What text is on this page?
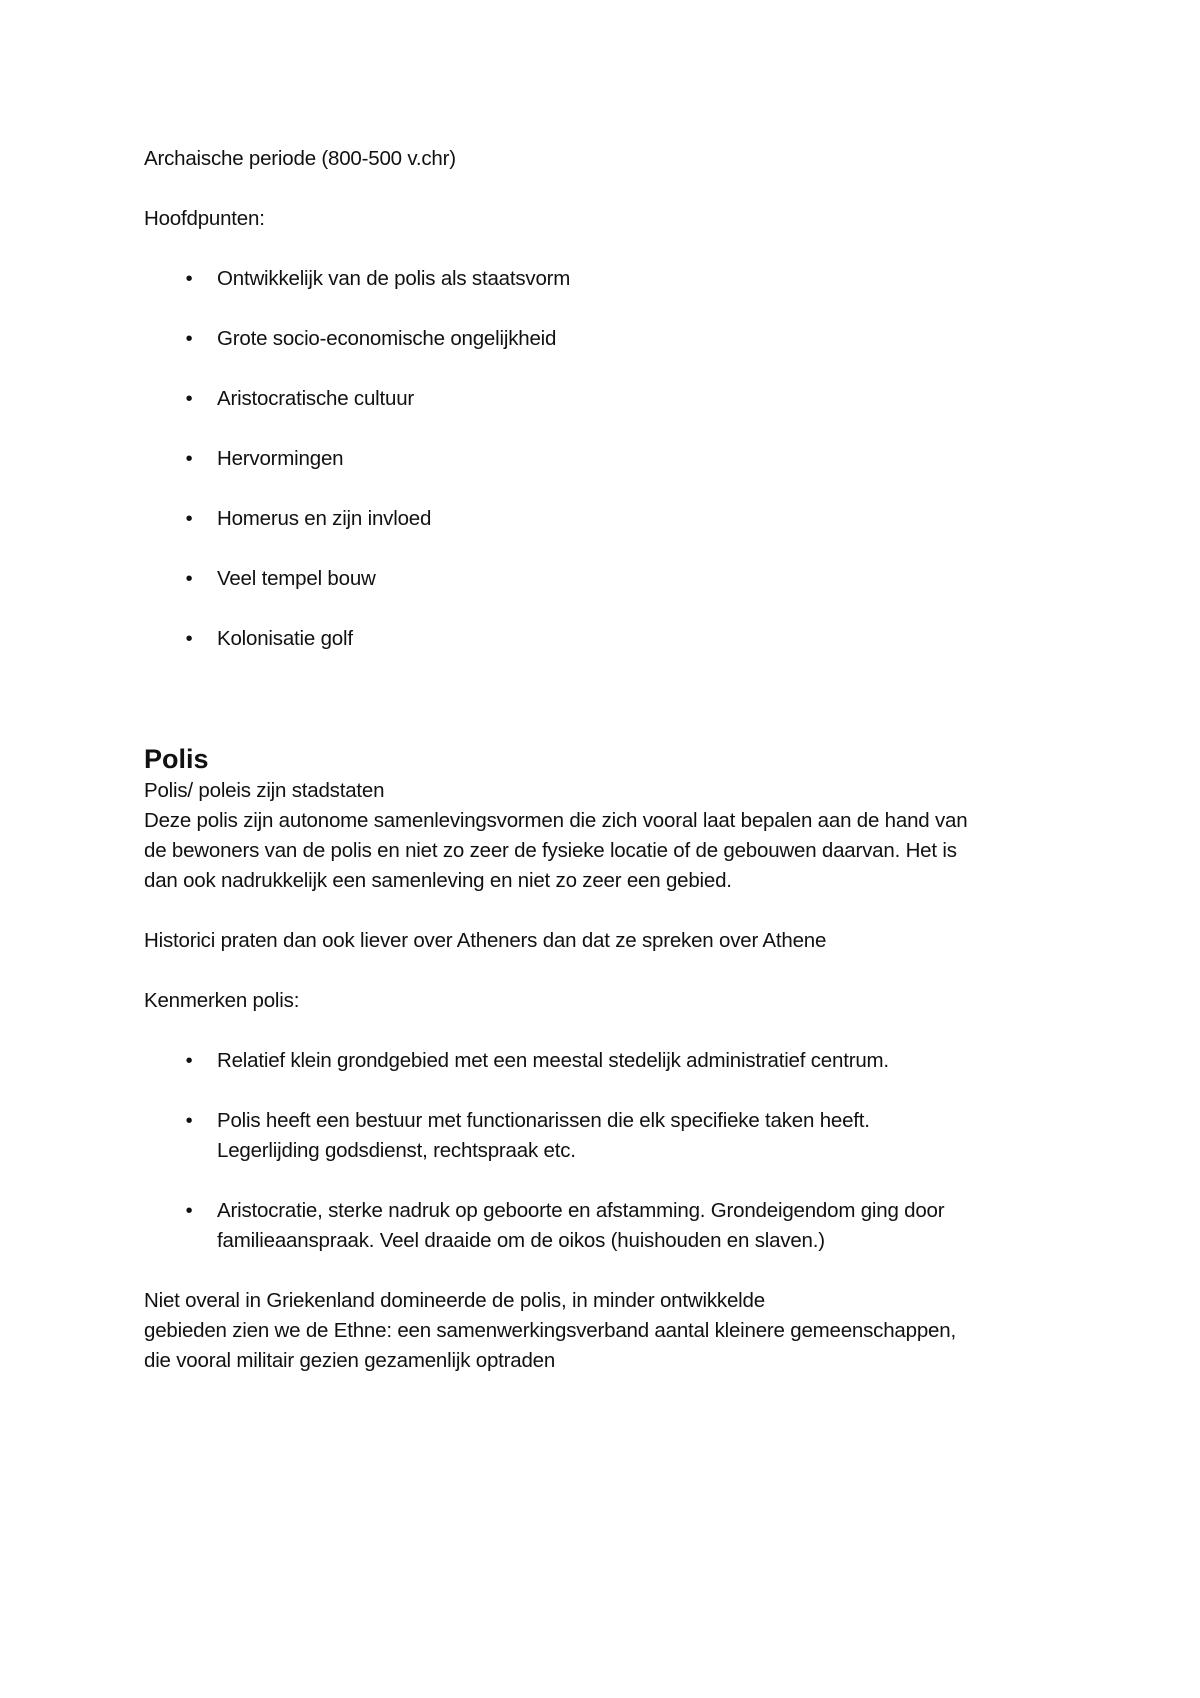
Archaische periode (800-500 v.chr)

Hoofdpunten:

• Ontwikkelijk van de polis als staatsvorm
• Grote socio-economische ongelijkheid
• Aristocratische cultuur
• Hervormingen
• Homerus en zijn invloed
• Veel tempel bouw
• Kolonisatie golf
Polis

Polis/ poleis zijn stadstaten

Deze polis zijn autonome samenlevingsvormen die zich vooral laat bepalen aan de hand van

de bewoners van de polis en niet zo zeer de fysieke locatie of de gebouwen daarvan. Het is

dan ook nadrukkelijk een samenleving en niet zo zeer een gebied.

Historici praten dan ook liever over Atheners dan dat ze spreken over Athene

Kenmerken polis:

• Relatief klein grondgebied met een meestal stedelijk administratief centrum.
• Polis heeft een bestuur met functionarissen die elk specifieke taken heeft.
Legerlijding godsdienst, rechtspraak etc.
• Aristocratie, sterke nadruk op geboorte en afstamming. Grondeigendom ging door
familieaanspraak. Veel draaide om de oikos (huishouden en slaven.)

Niet overal in Griekenland domineerde de polis, in minder ontwikkelde

gebieden zien we de Ethne: een samenwerkingsverband aantal kleinere gemeenschappen,

die vooral militair gezien gezamenlijk optraden
